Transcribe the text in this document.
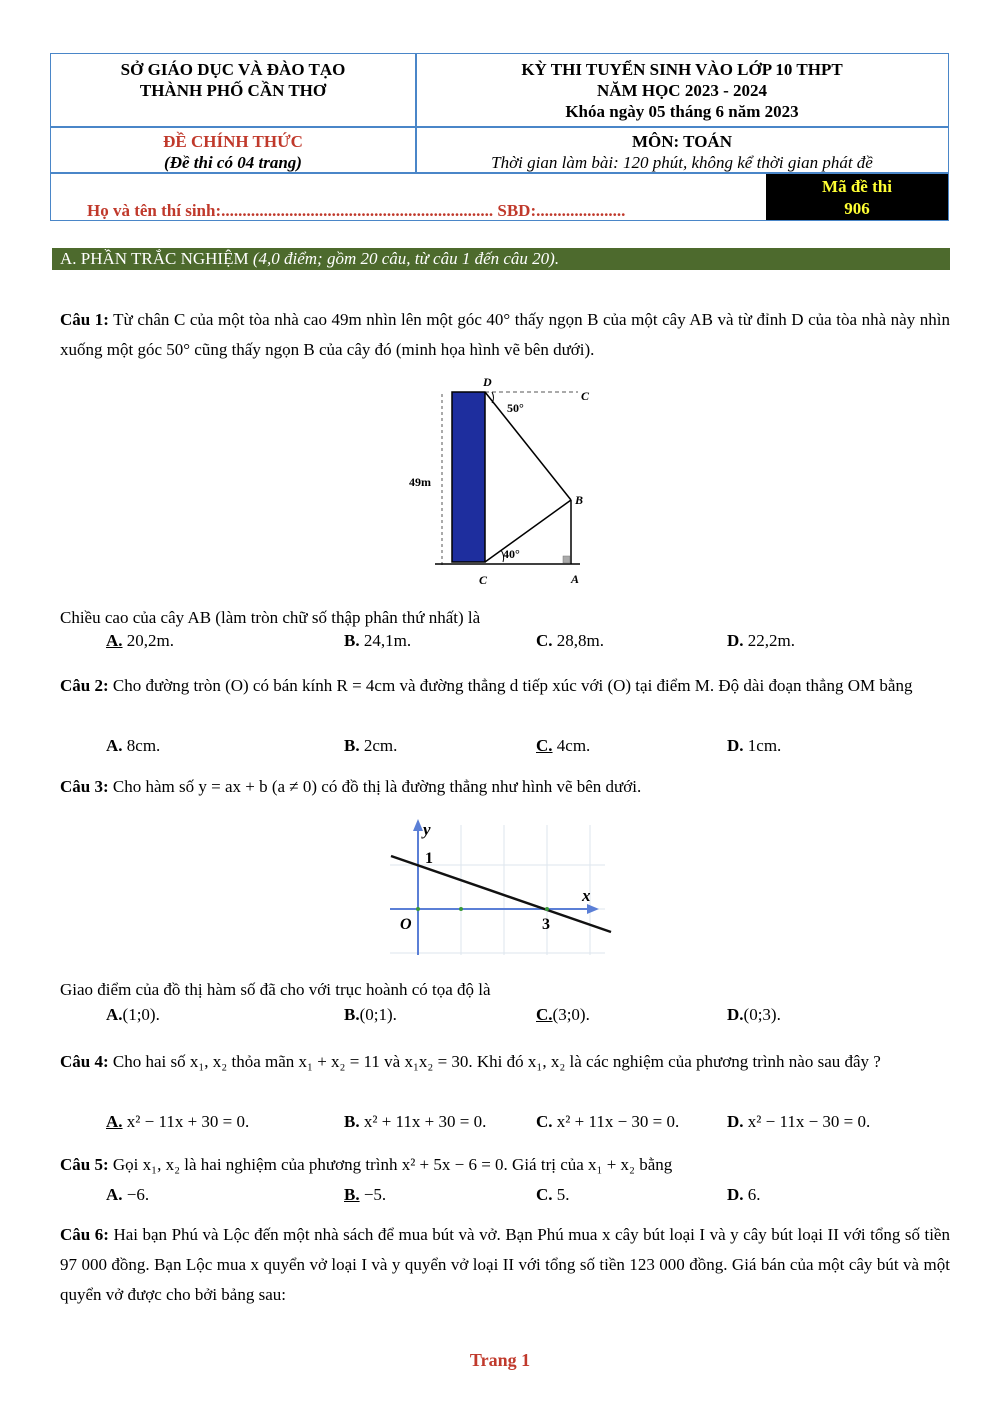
SỞ GIÁO DỤC VÀ ĐÀO TẠO
THÀNH PHỐ CẦN THƠ
KỲ THI TUYỂN SINH VÀO LỚP 10 THPT
NĂM HỌC 2023 - 2024
Khóa ngày 05 tháng 6 năm 2023
ĐỀ CHÍNH THỨC
(Đề thi có 04 trang)
MÔN: TOÁN
Thời gian làm bài: 120 phút, không kể thời gian phát đề
Họ và tên thí sinh:................................................................ SBD:.....................
Mã đề thi
906
A. PHẦN TRẮC NGHIỆM (4,0 điểm; gồm 20 câu, từ câu 1 đến câu 20).
Câu 1: Từ chân C của một tòa nhà cao 49m nhìn lên một góc 40° thấy ngọn B của một cây AB và từ đỉnh D của tòa nhà này nhìn xuống một góc 50° cũng thấy ngọn B của cây đó (minh họa hình vẽ bên dưới).
D
C
50°
49m
B
40°
C	A
Chiều cao của cây AB (làm tròn chữ số thập phân thứ nhất) là
A. 20,2m.	B. 24,1m.	C. 28,8m.	D. 22,2m.
Câu 2: Cho đường tròn (O) có bán kính R = 4cm và đường thẳng d tiếp xúc với (O) tại điểm M. Độ dài đoạn thẳng OM bằng
A. 8cm.	B. 2cm.	C. 4cm.	D. 1cm.
Câu 3: Cho hàm số y = ax + b (a ≠ 0) có đồ thị là đường thẳng như hình vẽ bên dưới.
y
1
x
O	3
Giao điểm của đồ thị hàm số đã cho với trục hoành có tọa độ là
A.(1;0).	B.(0;1).	C.(3;0).	D.(0;3).
Câu 4: Cho hai số x₁, x₂ thỏa mãn x₁ + x₂ = 11 và x₁x₂ = 30. Khi đó x₁, x₂ là các nghiệm của phương trình nào sau đây ?
A. x² − 11x + 30 = 0.	B. x² + 11x + 30 = 0.	C. x² + 11x − 30 = 0.	D. x² − 11x − 30 = 0.
Câu 5: Gọi x₁, x₂ là hai nghiệm của phương trình x² + 5x − 6 = 0. Giá trị của x₁ + x₂ bằng
A. −6.	B. −5.	C. 5.	D. 6.
Câu 6: Hai bạn Phú và Lộc đến một nhà sách để mua bút và vở. Bạn Phú mua x cây bút loại I và y cây bút loại II với tổng số tiền 97 000 đồng. Bạn Lộc mua x quyển vở loại I và y quyển vở loại II với tổng số tiền 123 000 đồng. Giá bán của một cây bút và một quyển vở được cho bởi bảng sau:
Trang 1
